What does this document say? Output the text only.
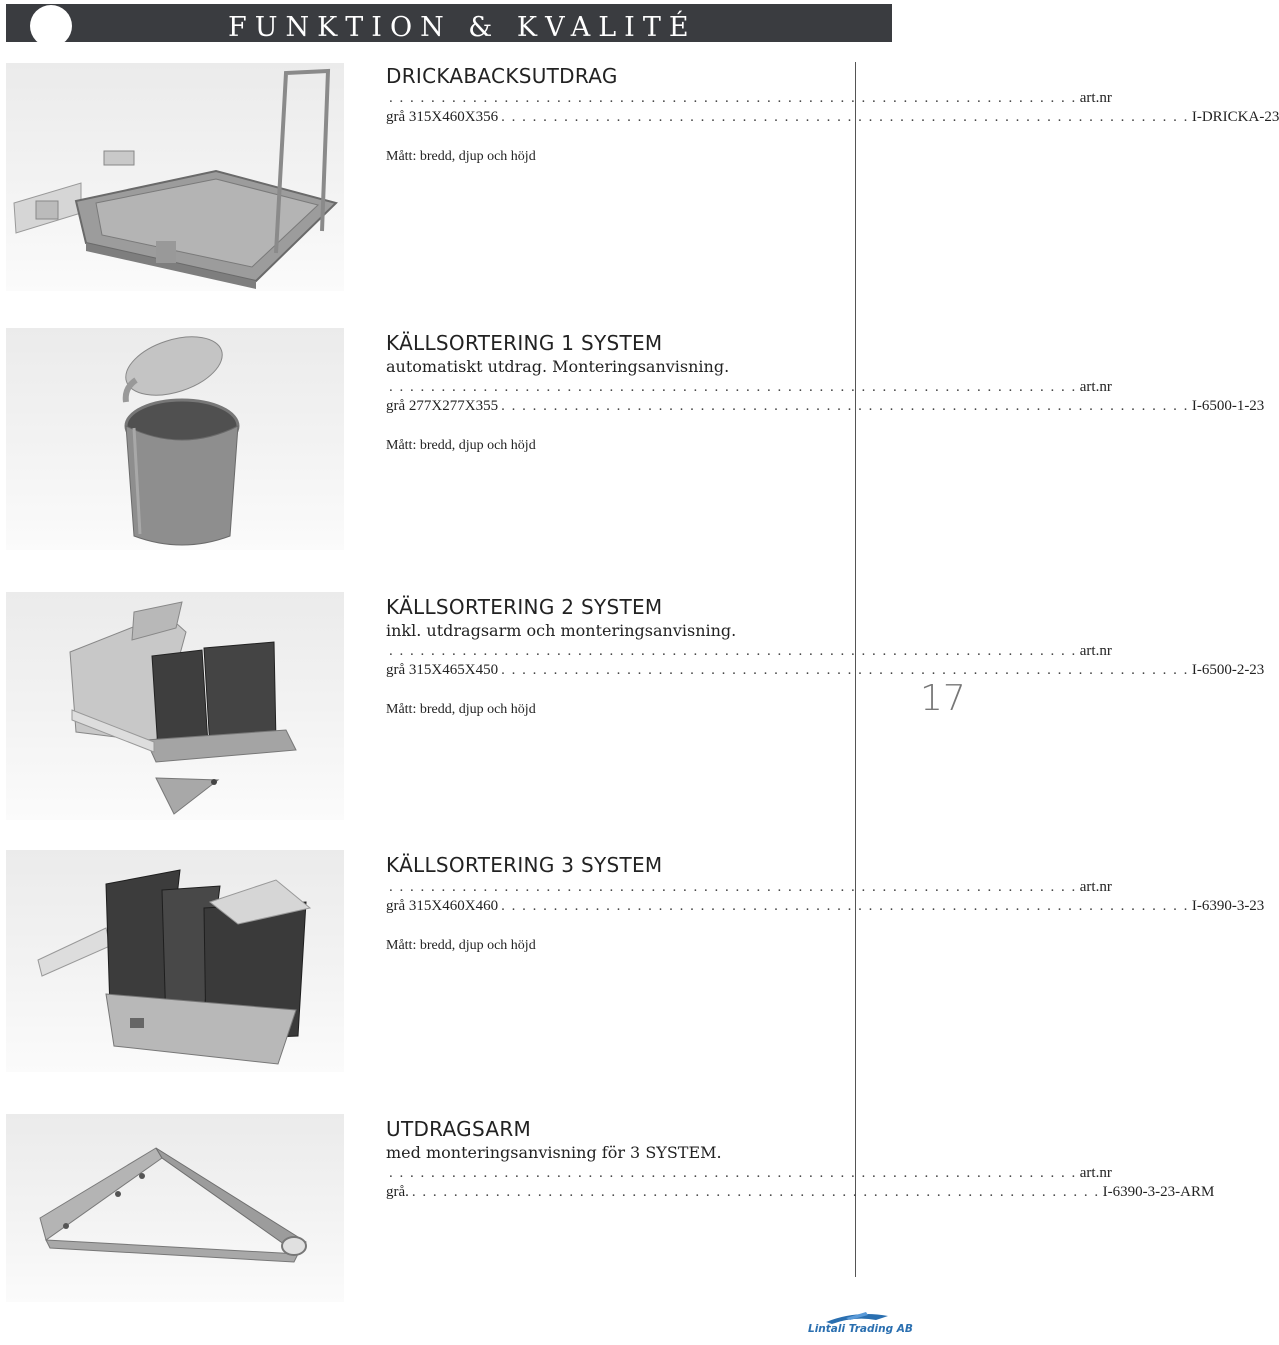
FUNKTION & KVALITÉ
17
DRICKABACKSUTDRAG
. . .
art.nr
grå 315X460X356 . . .	I-DRICKA-23
Mått: bredd, djup och höjd
KÄLLSORTERING 1 SYSTEM
automatiskt utdrag. Monteringsanvisning.
. . .
art.nr
grå 277X277X355 . . .	I-6500-1-23
Mått: bredd, djup och höjd
KÄLLSORTERING 2 SYSTEM
inkl. utdragsarm och monteringsanvisning.
. . .
art.nr
grå 315X465X450 . . .	I-6500-2-23
Mått: bredd, djup och höjd
KÄLLSORTERING 3 SYSTEM
. . .
art.nr
grå 315X460X460 . . .	I-6390-3-23
Mått: bredd, djup och höjd
UTDRAGSARM
med monteringsanvisning för 3 SYSTEM.
. . .
art.nr
grå. . . .	I-6390-3-23-ARM
Lintali Trading AB
